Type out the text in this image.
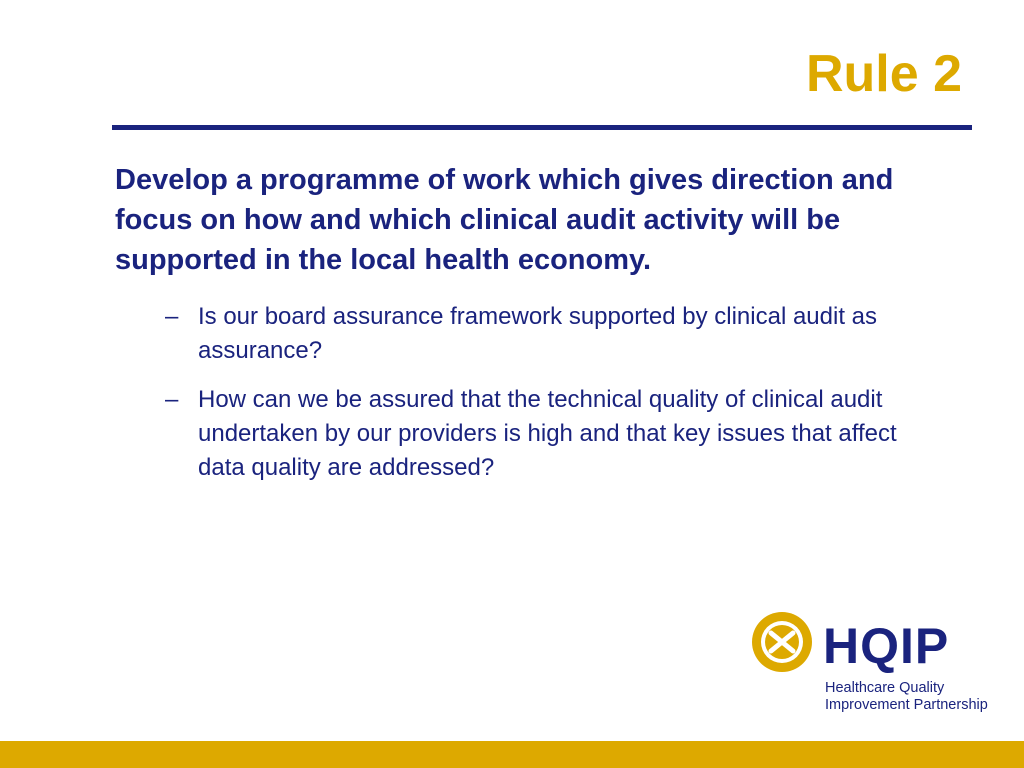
Rule 2

Develop a programme of work which gives direction and focus on how and which clinical audit activity will be supported in the local health economy.

– Is our board assurance framework supported by clinical audit as assurance?
– How can we be assured that the technical quality of clinical audit undertaken by our providers is high and that key issues that affect data quality are addressed?
HQIP
Healthcare Quality
Improvement Partnership
